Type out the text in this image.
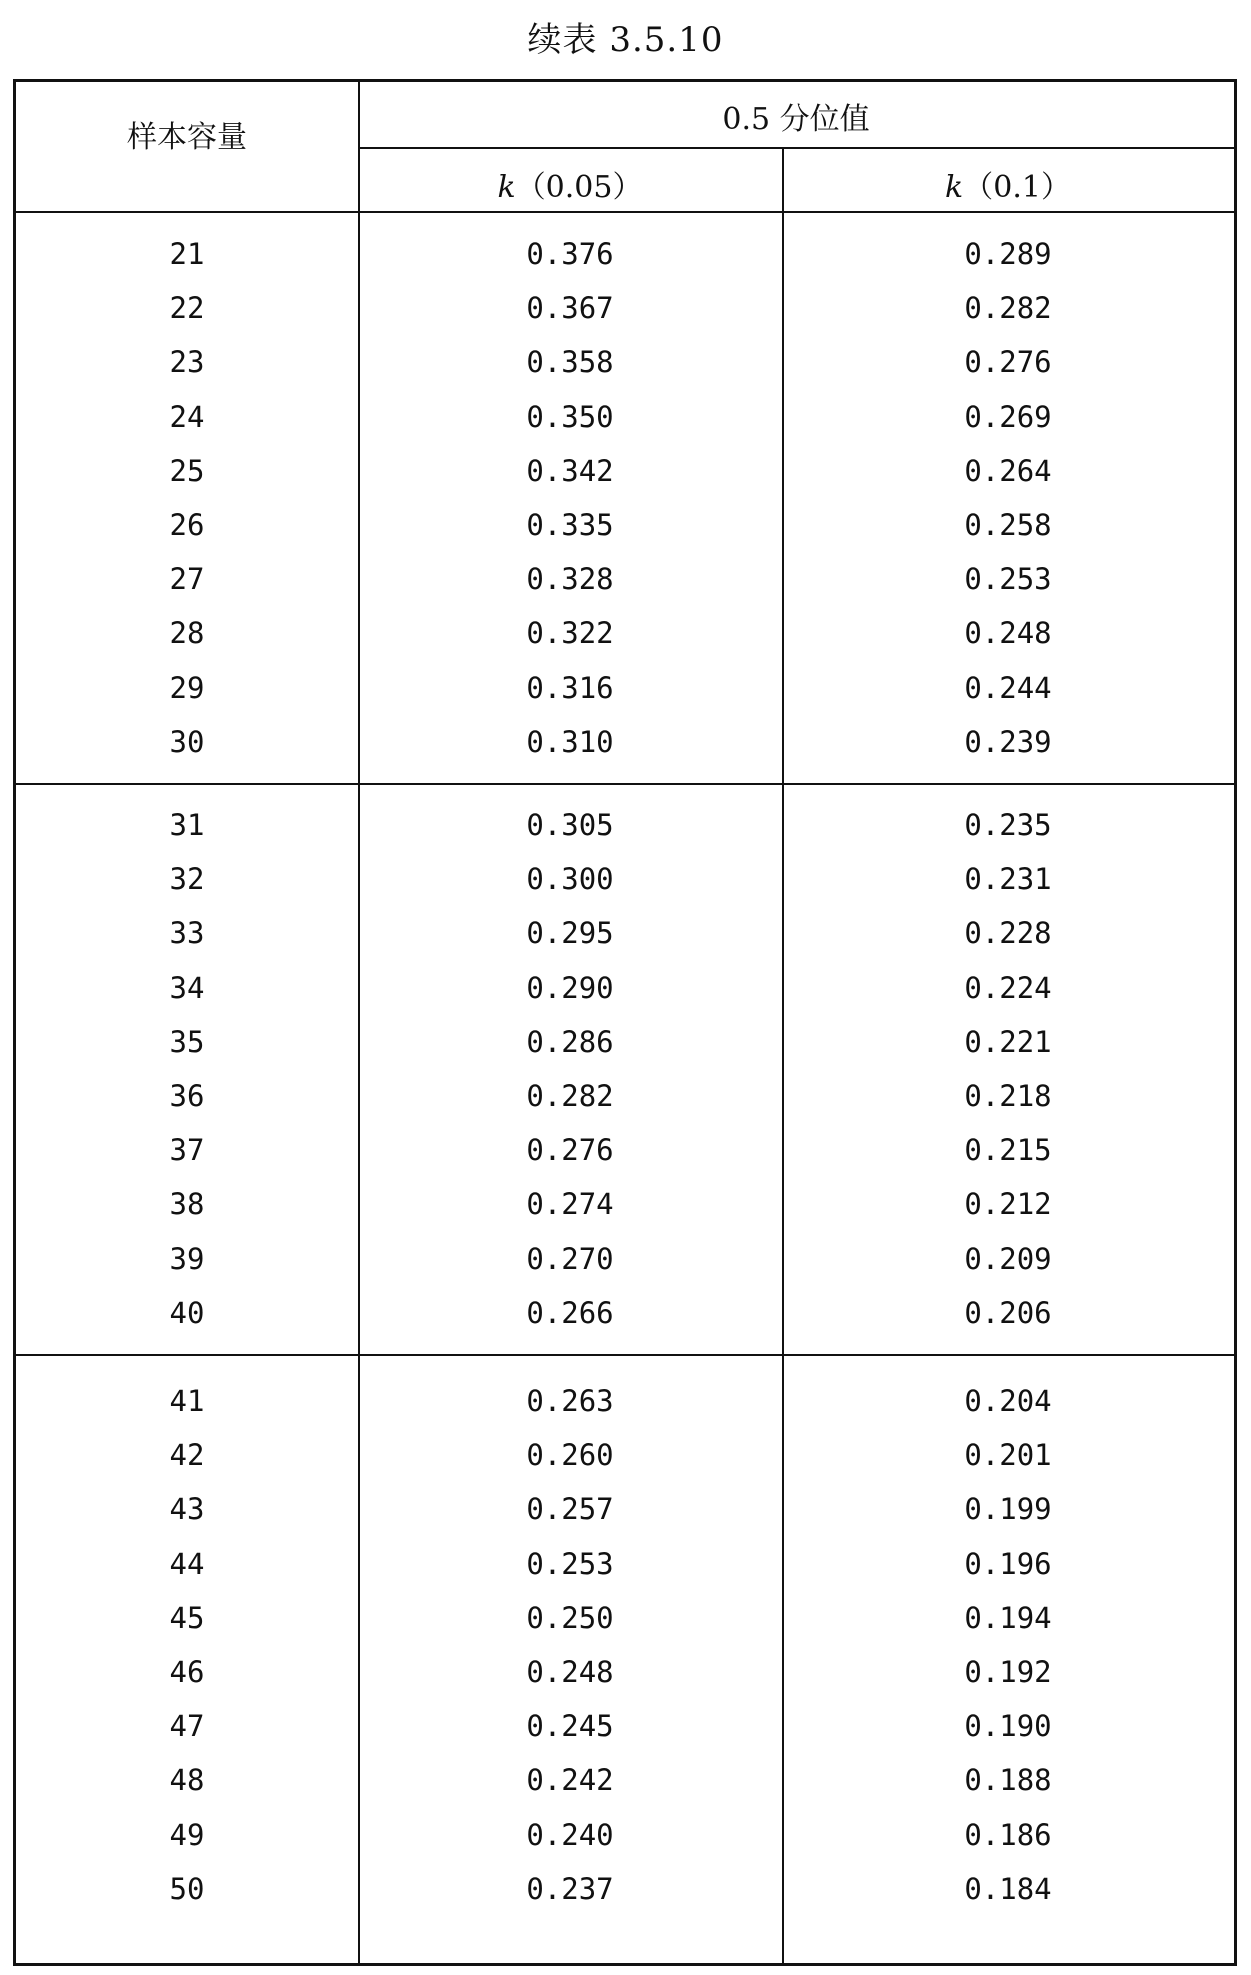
续表 3.5.10
样本容量
0.5 分位值
k（0.05）	k（0.1）
21	0.376	0.289
22	0.367	0.282
23	0.358	0.276
24	0.350	0.269
25	0.342	0.264
26	0.335	0.258
27	0.328	0.253
28	0.322	0.248
29	0.316	0.244
30	0.310	0.239
31	0.305	0.235
32	0.300	0.231
33	0.295	0.228
34	0.290	0.224
35	0.286	0.221
36	0.282	0.218
37	0.276	0.215
38	0.274	0.212
39	0.270	0.209
40	0.266	0.206
41	0.263	0.204
42	0.260	0.201
43	0.257	0.199
44	0.253	0.196
45	0.250	0.194
46	0.248	0.192
47	0.245	0.190
48	0.242	0.188
49	0.240	0.186
50	0.237	0.184
